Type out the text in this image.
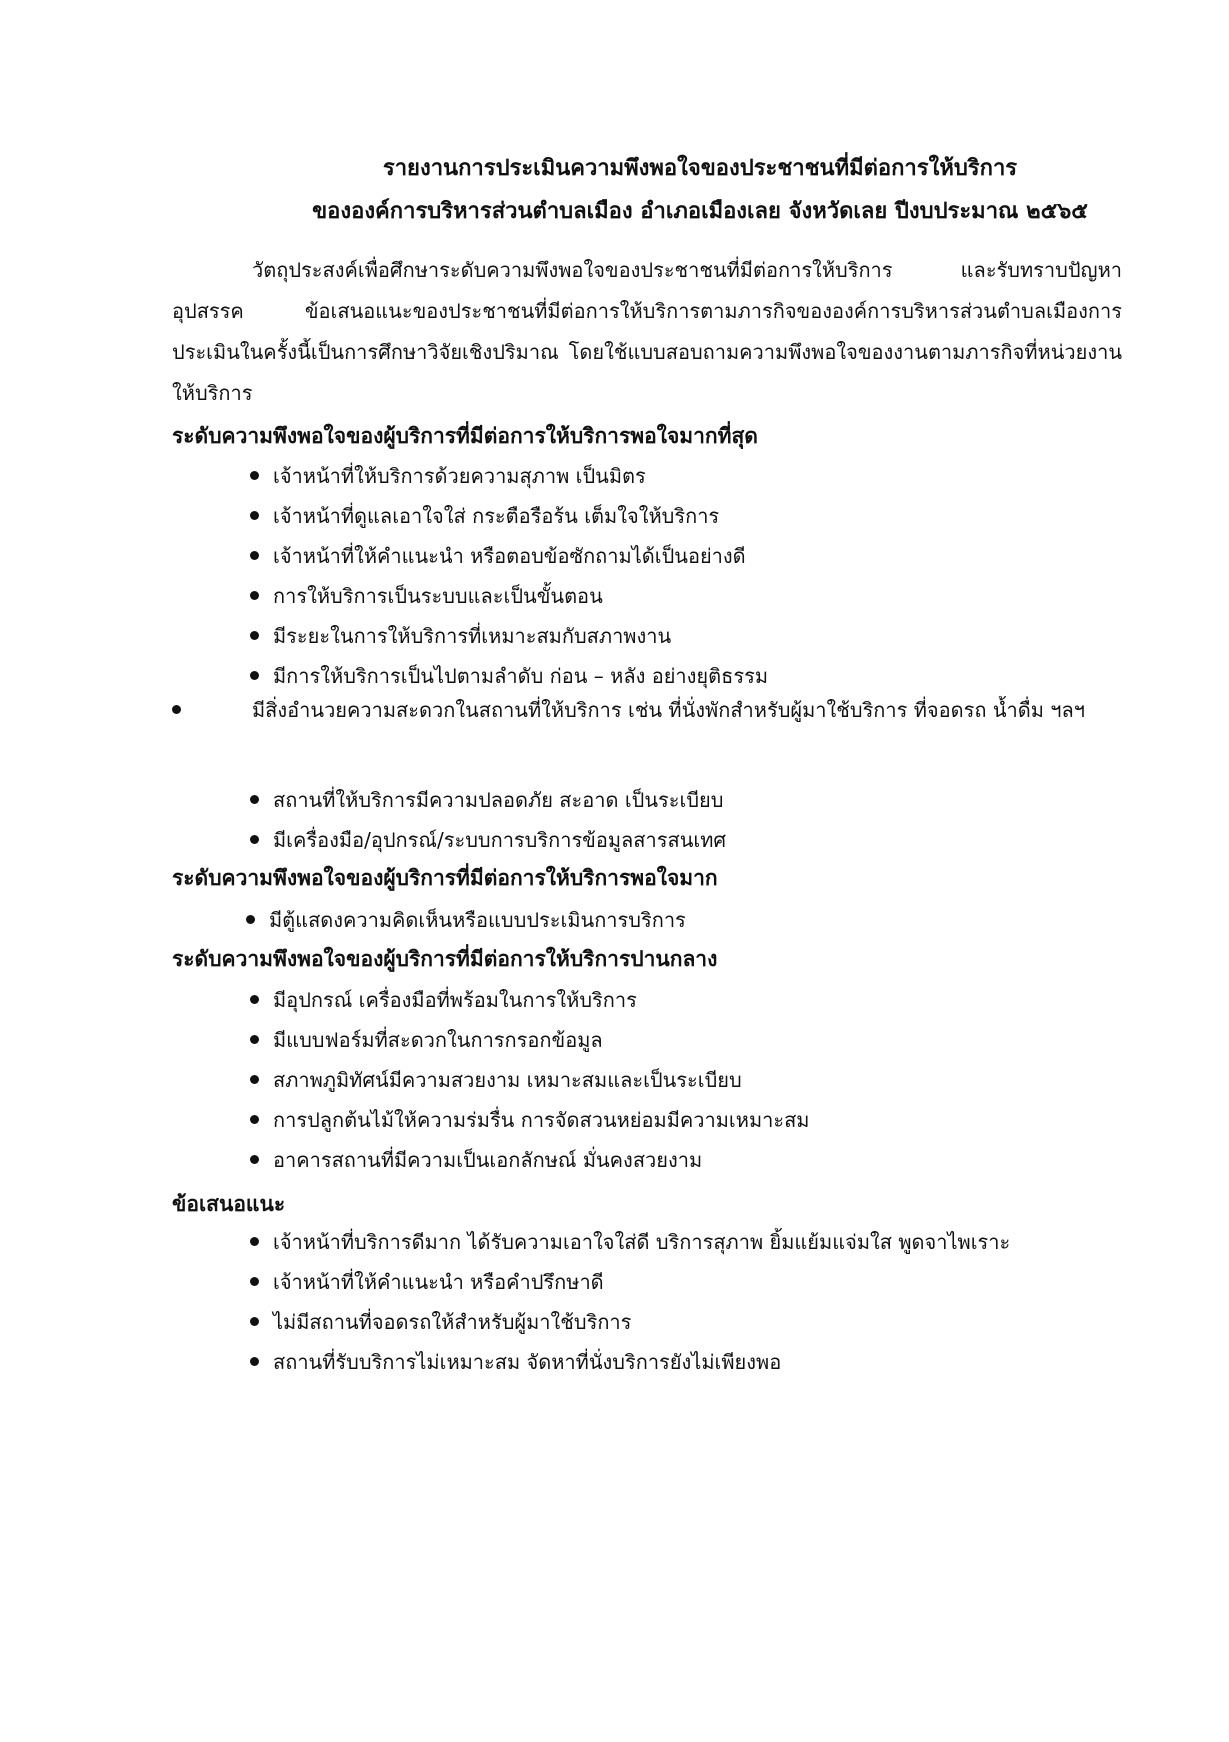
รายงานการประเมินความพึงพอใจของประชาชนที่มีต่อการให้บริการ
ขององค์การบริหารส่วนตำบลเมือง อำเภอเมืองเลย จังหวัดเลย ปีงบประมาณ ๒๕๖๕
วัตถุประสงค์เพื่อศึกษาระดับความพึงพอใจของประชาชนที่มีต่อการให้บริการ และรับทราบปัญหา อุปสรรค ข้อเสนอแนะของประชาชนที่มีต่อการให้บริการตามภารกิจขององค์การบริหารส่วนตำบลเมืองการประเมินในครั้งนี้เป็นการศึกษาวิจัยเชิงปริมาณ โดยใช้แบบสอบถามความพึงพอใจของงานตามภารกิจที่หน่วยงานให้บริการ
ระดับความพึงพอใจของผู้บริการที่มีต่อการให้บริการพอใจมากที่สุด
เจ้าหน้าที่ให้บริการด้วยความสุภาพ เป็นมิตร
เจ้าหน้าที่ดูแลเอาใจใส่ กระตือรือร้น เต็มใจให้บริการ
เจ้าหน้าที่ให้คำแนะนำ หรือตอบข้อซักถามได้เป็นอย่างดี
การให้บริการเป็นระบบและเป็นขั้นตอน
มีระยะในการให้บริการที่เหมาะสมกับสภาพงาน
มีการให้บริการเป็นไปตามลำดับ ก่อน – หลัง อย่างยุติธรรม
มีสิ่งอำนวยความสะดวกในสถานที่ให้บริการ เช่น ที่นั่งพักสำหรับผู้มาใช้บริการ ที่จอดรถ น้ำดื่ม ฯลฯ
สถานที่ให้บริการมีความปลอดภัย สะอาด เป็นระเบียบ
มีเครื่องมือ/อุปกรณ์/ระบบการบริการข้อมูลสารสนเทศ
ระดับความพึงพอใจของผู้บริการที่มีต่อการให้บริการพอใจมาก
มีตู้แสดงความคิดเห็นหรือแบบประเมินการบริการ
ระดับความพึงพอใจของผู้บริการที่มีต่อการให้บริการปานกลาง
มีอุปกรณ์ เครื่องมือที่พร้อมในการให้บริการ
มีแบบฟอร์มที่สะดวกในการกรอกข้อมูล
สภาพภูมิทัศน์มีความสวยงาม เหมาะสมและเป็นระเบียบ
การปลูกต้นไม้ให้ความร่มรื่น การจัดสวนหย่อมมีความเหมาะสม
อาคารสถานที่มีความเป็นเอกลักษณ์ มั่นคงสวยงาม
ข้อเสนอแนะ
เจ้าหน้าที่บริการดีมาก ได้รับความเอาใจใส่ดี บริการสุภาพ ยิ้มแย้มแจ่มใส พูดจาไพเราะ
เจ้าหน้าที่ให้คำแนะนำ หรือคำปรึกษาดี
ไม่มีสถานที่จอดรถให้สำหรับผู้มาใช้บริการ
สถานที่รับบริการไม่เหมาะสม จัดหาที่นั่งบริการยังไม่เพียงพอ
